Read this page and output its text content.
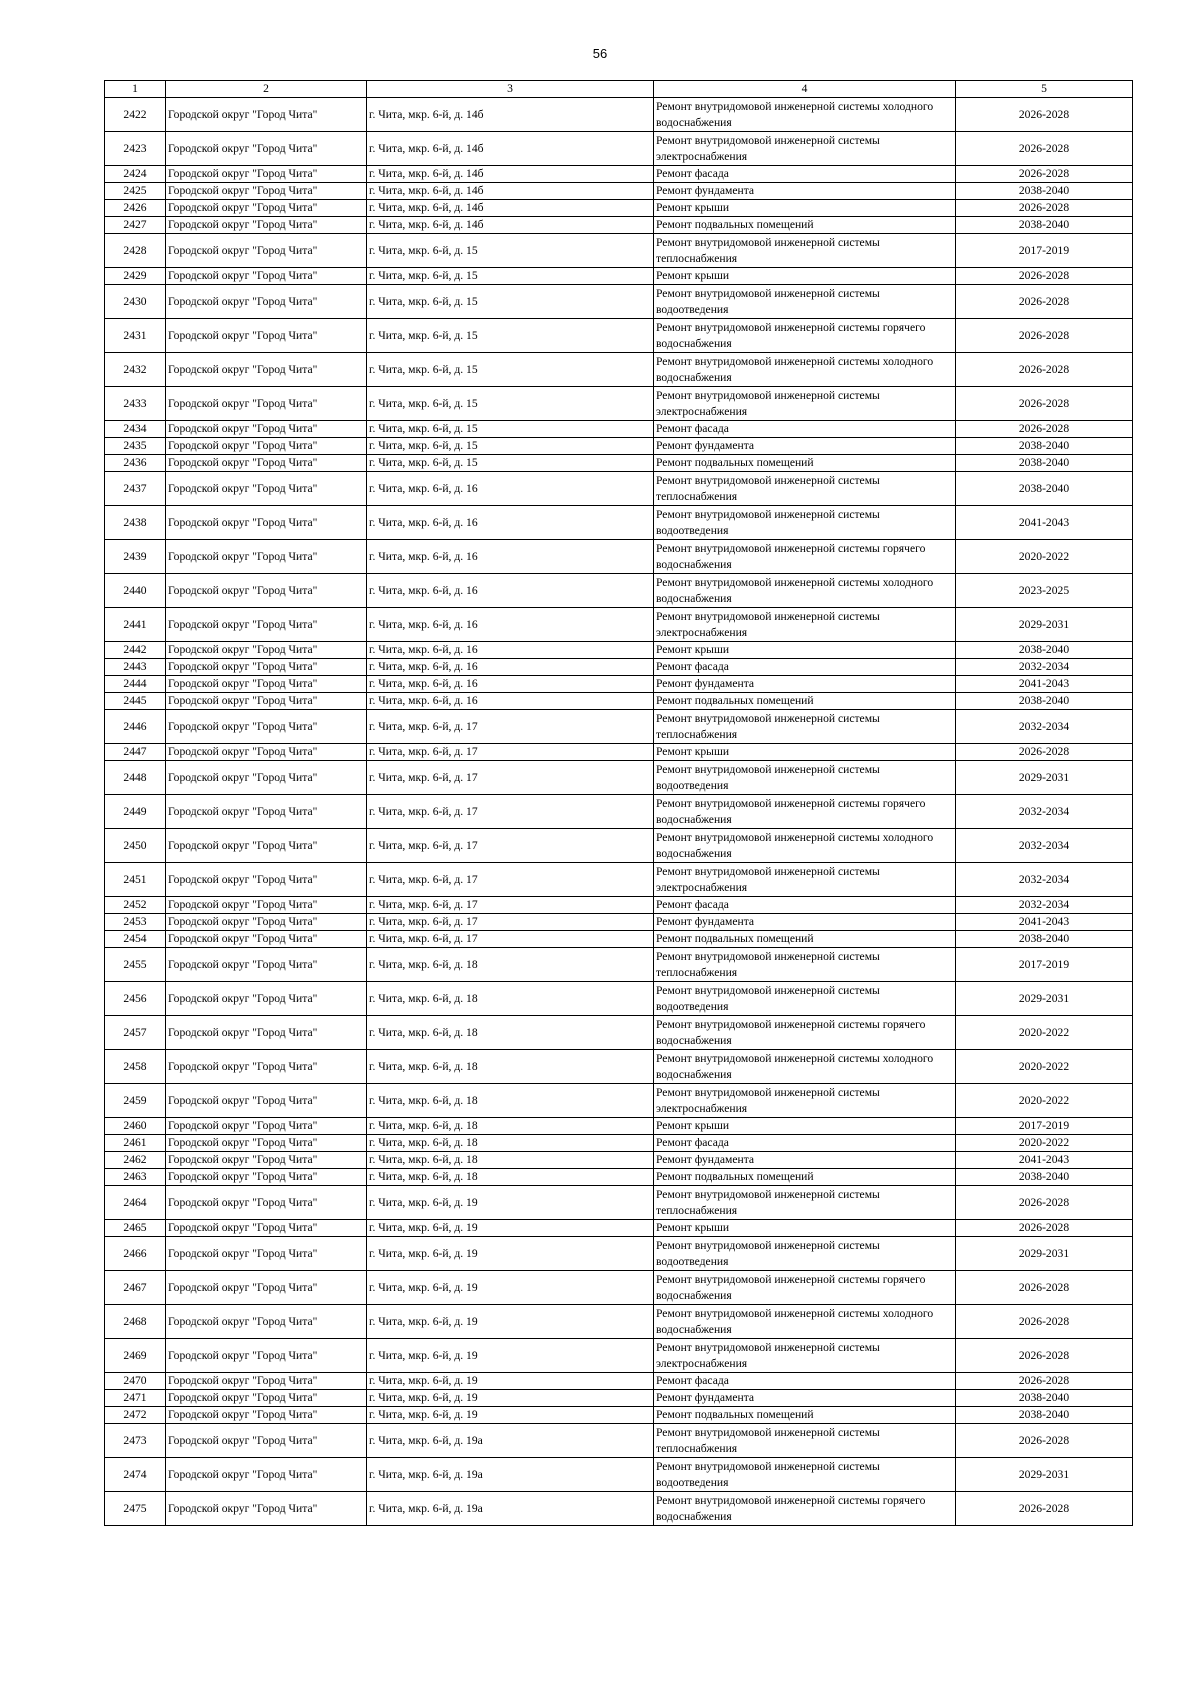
56
1	2	3	4	5
2422	Городской округ "Город Чита"	г. Чита, мкр. 6-й, д. 14б	Ремонт внутридомовой инженерной системы холодного водоснабжения	2026-2028
2423	Городской округ "Город Чита"	г. Чита, мкр. 6-й, д. 14б	Ремонт внутридомовой инженерной системы электроснабжения	2026-2028
2424	Городской округ "Город Чита"	г. Чита, мкр. 6-й, д. 14б	Ремонт фасада	2026-2028
2425	Городской округ "Город Чита"	г. Чита, мкр. 6-й, д. 14б	Ремонт фундамента	2038-2040
2426	Городской округ "Город Чита"	г. Чита, мкр. 6-й, д. 14б	Ремонт крыши	2026-2028
2427	Городской округ "Город Чита"	г. Чита, мкр. 6-й, д. 14б	Ремонт подвальных помещений	2038-2040
2428	Городской округ "Город Чита"	г. Чита, мкр. 6-й, д. 15	Ремонт внутридомовой инженерной системы теплоснабжения	2017-2019
2429	Городской округ "Город Чита"	г. Чита, мкр. 6-й, д. 15	Ремонт крыши	2026-2028
2430	Городской округ "Город Чита"	г. Чита, мкр. 6-й, д. 15	Ремонт внутридомовой инженерной системы водоотведения	2026-2028
2431	Городской округ "Город Чита"	г. Чита, мкр. 6-й, д. 15	Ремонт внутридомовой инженерной системы горячего водоснабжения	2026-2028
2432	Городской округ "Город Чита"	г. Чита, мкр. 6-й, д. 15	Ремонт внутридомовой инженерной системы холодного водоснабжения	2026-2028
2433	Городской округ "Город Чита"	г. Чита, мкр. 6-й, д. 15	Ремонт внутридомовой инженерной системы электроснабжения	2026-2028
2434	Городской округ "Город Чита"	г. Чита, мкр. 6-й, д. 15	Ремонт фасада	2026-2028
2435	Городской округ "Город Чита"	г. Чита, мкр. 6-й, д. 15	Ремонт фундамента	2038-2040
2436	Городской округ "Город Чита"	г. Чита, мкр. 6-й, д. 15	Ремонт подвальных помещений	2038-2040
2437	Городской округ "Город Чита"	г. Чита, мкр. 6-й, д. 16	Ремонт внутридомовой инженерной системы теплоснабжения	2038-2040
2438	Городской округ "Город Чита"	г. Чита, мкр. 6-й, д. 16	Ремонт внутридомовой инженерной системы водоотведения	2041-2043
2439	Городской округ "Город Чита"	г. Чита, мкр. 6-й, д. 16	Ремонт внутридомовой инженерной системы горячего водоснабжения	2020-2022
2440	Городской округ "Город Чита"	г. Чита, мкр. 6-й, д. 16	Ремонт внутридомовой инженерной системы холодного водоснабжения	2023-2025
2441	Городской округ "Город Чита"	г. Чита, мкр. 6-й, д. 16	Ремонт внутридомовой инженерной системы электроснабжения	2029-2031
2442	Городской округ "Город Чита"	г. Чита, мкр. 6-й, д. 16	Ремонт крыши	2038-2040
2443	Городской округ "Город Чита"	г. Чита, мкр. 6-й, д. 16	Ремонт фасада	2032-2034
2444	Городской округ "Город Чита"	г. Чита, мкр. 6-й, д. 16	Ремонт фундамента	2041-2043
2445	Городской округ "Город Чита"	г. Чита, мкр. 6-й, д. 16	Ремонт подвальных помещений	2038-2040
2446	Городской округ "Город Чита"	г. Чита, мкр. 6-й, д. 17	Ремонт внутридомовой инженерной системы теплоснабжения	2032-2034
2447	Городской округ "Город Чита"	г. Чита, мкр. 6-й, д. 17	Ремонт крыши	2026-2028
2448	Городской округ "Город Чита"	г. Чита, мкр. 6-й, д. 17	Ремонт внутридомовой инженерной системы водоотведения	2029-2031
2449	Городской округ "Город Чита"	г. Чита, мкр. 6-й, д. 17	Ремонт внутридомовой инженерной системы горячего водоснабжения	2032-2034
2450	Городской округ "Город Чита"	г. Чита, мкр. 6-й, д. 17	Ремонт внутридомовой инженерной системы холодного водоснабжения	2032-2034
2451	Городской округ "Город Чита"	г. Чита, мкр. 6-й, д. 17	Ремонт внутридомовой инженерной системы электроснабжения	2032-2034
2452	Городской округ "Город Чита"	г. Чита, мкр. 6-й, д. 17	Ремонт фасада	2032-2034
2453	Городской округ "Город Чита"	г. Чита, мкр. 6-й, д. 17	Ремонт фундамента	2041-2043
2454	Городской округ "Город Чита"	г. Чита, мкр. 6-й, д. 17	Ремонт подвальных помещений	2038-2040
2455	Городской округ "Город Чита"	г. Чита, мкр. 6-й, д. 18	Ремонт внутридомовой инженерной системы теплоснабжения	2017-2019
2456	Городской округ "Город Чита"	г. Чита, мкр. 6-й, д. 18	Ремонт внутридомовой инженерной системы водоотведения	2029-2031
2457	Городской округ "Город Чита"	г. Чита, мкр. 6-й, д. 18	Ремонт внутридомовой инженерной системы горячего водоснабжения	2020-2022
2458	Городской округ "Город Чита"	г. Чита, мкр. 6-й, д. 18	Ремонт внутридомовой инженерной системы холодного водоснабжения	2020-2022
2459	Городской округ "Город Чита"	г. Чита, мкр. 6-й, д. 18	Ремонт внутридомовой инженерной системы электроснабжения	2020-2022
2460	Городской округ "Город Чита"	г. Чита, мкр. 6-й, д. 18	Ремонт крыши	2017-2019
2461	Городской округ "Город Чита"	г. Чита, мкр. 6-й, д. 18	Ремонт фасада	2020-2022
2462	Городской округ "Город Чита"	г. Чита, мкр. 6-й, д. 18	Ремонт фундамента	2041-2043
2463	Городской округ "Город Чита"	г. Чита, мкр. 6-й, д. 18	Ремонт подвальных помещений	2038-2040
2464	Городской округ "Город Чита"	г. Чита, мкр. 6-й, д. 19	Ремонт внутридомовой инженерной системы теплоснабжения	2026-2028
2465	Городской округ "Город Чита"	г. Чита, мкр. 6-й, д. 19	Ремонт крыши	2026-2028
2466	Городской округ "Город Чита"	г. Чита, мкр. 6-й, д. 19	Ремонт внутридомовой инженерной системы водоотведения	2029-2031
2467	Городской округ "Город Чита"	г. Чита, мкр. 6-й, д. 19	Ремонт внутридомовой инженерной системы горячего водоснабжения	2026-2028
2468	Городской округ "Город Чита"	г. Чита, мкр. 6-й, д. 19	Ремонт внутридомовой инженерной системы холодного водоснабжения	2026-2028
2469	Городской округ "Город Чита"	г. Чита, мкр. 6-й, д. 19	Ремонт внутридомовой инженерной системы электроснабжения	2026-2028
2470	Городской округ "Город Чита"	г. Чита, мкр. 6-й, д. 19	Ремонт фасада	2026-2028
2471	Городской округ "Город Чита"	г. Чита, мкр. 6-й, д. 19	Ремонт фундамента	2038-2040
2472	Городской округ "Город Чита"	г. Чита, мкр. 6-й, д. 19	Ремонт подвальных помещений	2038-2040
2473	Городской округ "Город Чита"	г. Чита, мкр. 6-й, д. 19а	Ремонт внутридомовой инженерной системы теплоснабжения	2026-2028
2474	Городской округ "Город Чита"	г. Чита, мкр. 6-й, д. 19а	Ремонт внутридомовой инженерной системы водоотведения	2029-2031
2475	Городской округ "Город Чита"	г. Чита, мкр. 6-й, д. 19а	Ремонт внутридомовой инженерной системы горячего водоснабжения	2026-2028
